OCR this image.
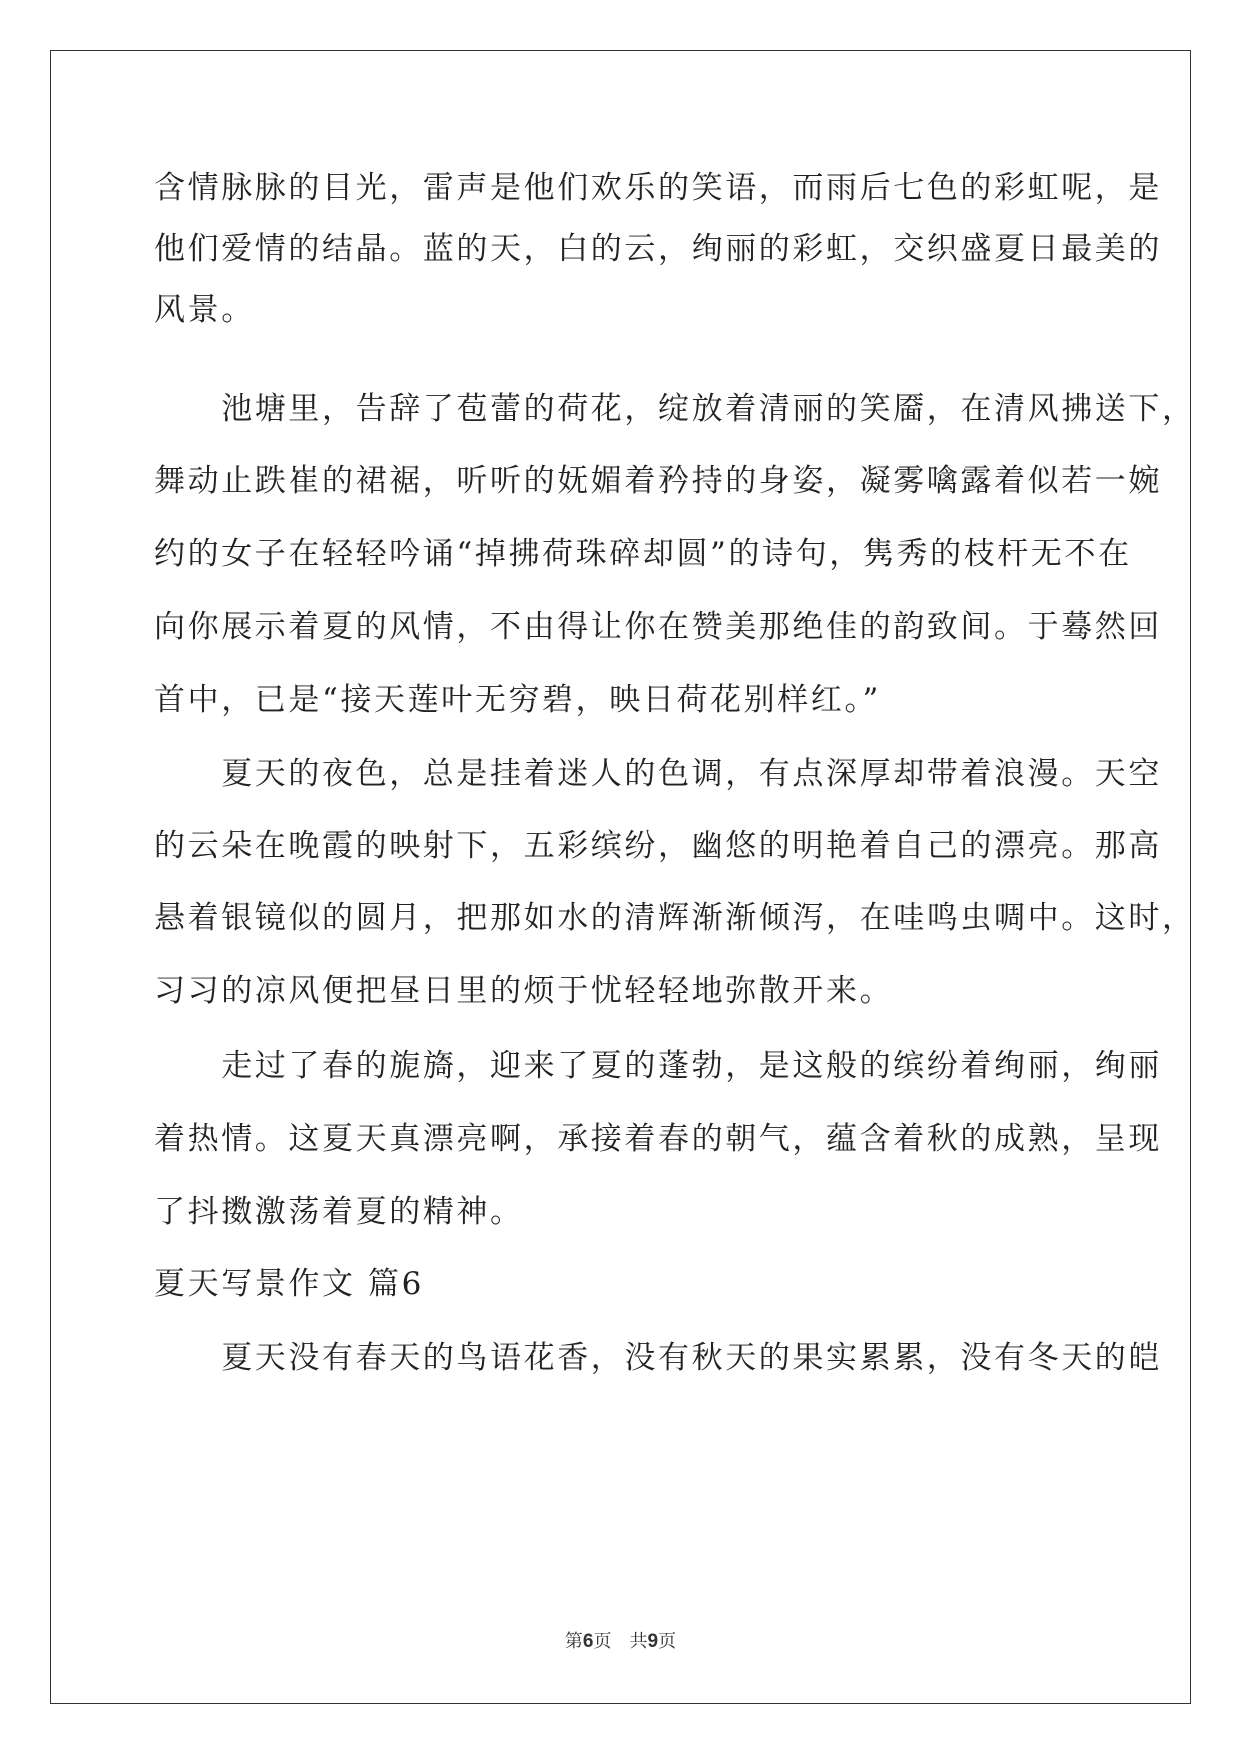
含情脉脉的目光，雷声是他们欢乐的笑语，而雨后七色的彩虹呢，是
他们爱情的结晶。蓝的天，白的云，绚丽的彩虹，交织盛夏日最美的
风景。
　　池塘里，告辞了苞蕾的荷花，绽放着清丽的笑靥，在清风拂送下，
舞动止跌崔的裙裾，听听的妩媚着矜持的身姿，凝雾噙露着似若一婉
约的女子在轻轻吟诵“掉拂荷珠碎却圆”的诗句，隽秀的枝杆无不在
向你展示着夏的风情，不由得让你在赞美那绝佳的韵致间。于蓦然回
首中，已是“接天莲叶无穷碧，映日荷花别样红。”
　　夏天的夜色，总是挂着迷人的色调，有点深厚却带着浪漫。天空
的云朵在晚霞的映射下，五彩缤纷，幽悠的明艳着自己的漂亮。那高
悬着银镜似的圆月，把那如水的清辉渐渐倾泻，在哇鸣虫啁中。这时，
习习的凉风便把昼日里的烦于忧轻轻地弥散开来。
　　走过了春的旎旖，迎来了夏的蓬勃，是这般的缤纷着绚丽，绚丽
着热情。这夏天真漂亮啊，承接着春的朝气，蕴含着秋的成熟，呈现
了抖擞激荡着夏的精神。
夏天写景作文 篇6
　　夏天没有春天的鸟语花香，没有秋天的果实累累，没有冬天的皑
第6页　共9页
